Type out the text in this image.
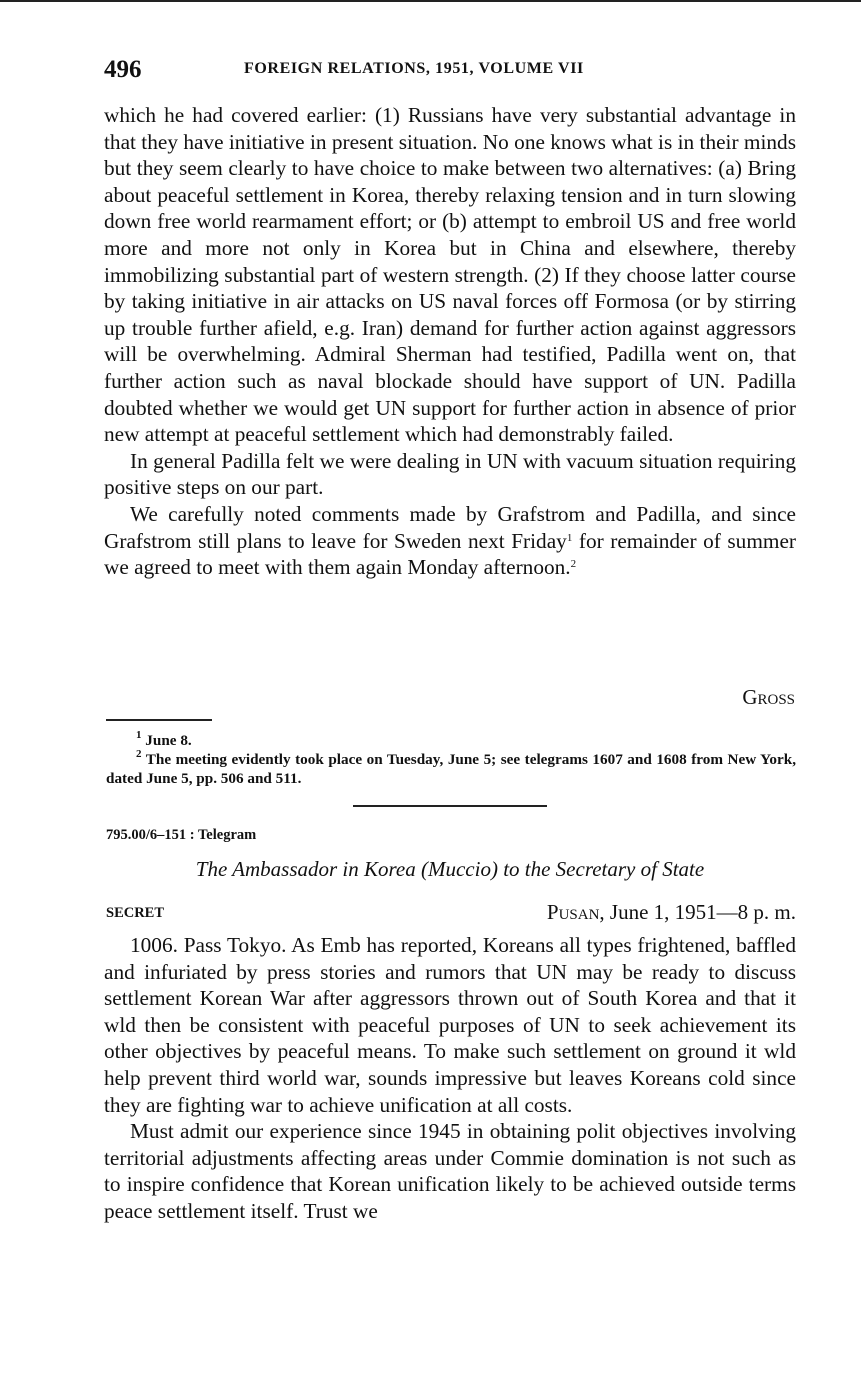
496	FOREIGN RELATIONS, 1951, VOLUME VII

which he had covered earlier: (1) Russians have very substantial advantage in that they have initiative in present situation. No one knows what is in their minds but they seem clearly to have choice to make between two alternatives: (a) Bring about peaceful settlement in Korea, thereby relaxing tension and in turn slowing down free world rearmament effort; or (b) attempt to embroil US and free world more and more not only in Korea but in China and elsewhere, thereby immobilizing substantial part of western strength. (2) If they choose latter course by taking initiative in air attacks on US naval forces off Formosa (or by stirring up trouble further afield, e.g. Iran) demand for further action against aggressors will be overwhelming. Admiral Sherman had testified, Padilla went on, that further action such as naval blockade should have support of UN. Padilla doubted whether we would get UN support for further action in absence of prior new attempt at peaceful settlement which had demonstrably failed.

In general Padilla felt we were dealing in UN with vacuum situation requiring positive steps on our part.

We carefully noted comments made by Grafstrom and Padilla, and since Grafstrom still plans to leave for Sweden next Friday$^1$ for remainder of summer we agreed to meet with them again Monday afternoon.$^2$

Gross

$^1$ June 8.

$^2$ The meeting evidently took place on Tuesday, June 5; see telegrams 1607 and 1608 from New York, dated June 5, pp. 506 and 511.

795.00/6–151 : Telegram
The Ambassador in Korea (Muccio) to the Secretary of State
SECRET	Pusan, June 1, 1951—8 p. m.

1006. Pass Tokyo. As Emb has reported, Koreans all types frightened, baffled and infuriated by press stories and rumors that UN may be ready to discuss settlement Korean War after aggressors thrown out of South Korea and that it wld then be consistent with peaceful purposes of UN to seek achievement its other objectives by peaceful means. To make such settlement on ground it wld help prevent third world war, sounds impressive but leaves Koreans cold since they are fighting war to achieve unification at all costs.

Must admit our experience since 1945 in obtaining polit objectives involving territorial adjustments affecting areas under Commie domination is not such as to inspire confidence that Korean unification likely to be achieved outside terms peace settlement itself. Trust we
